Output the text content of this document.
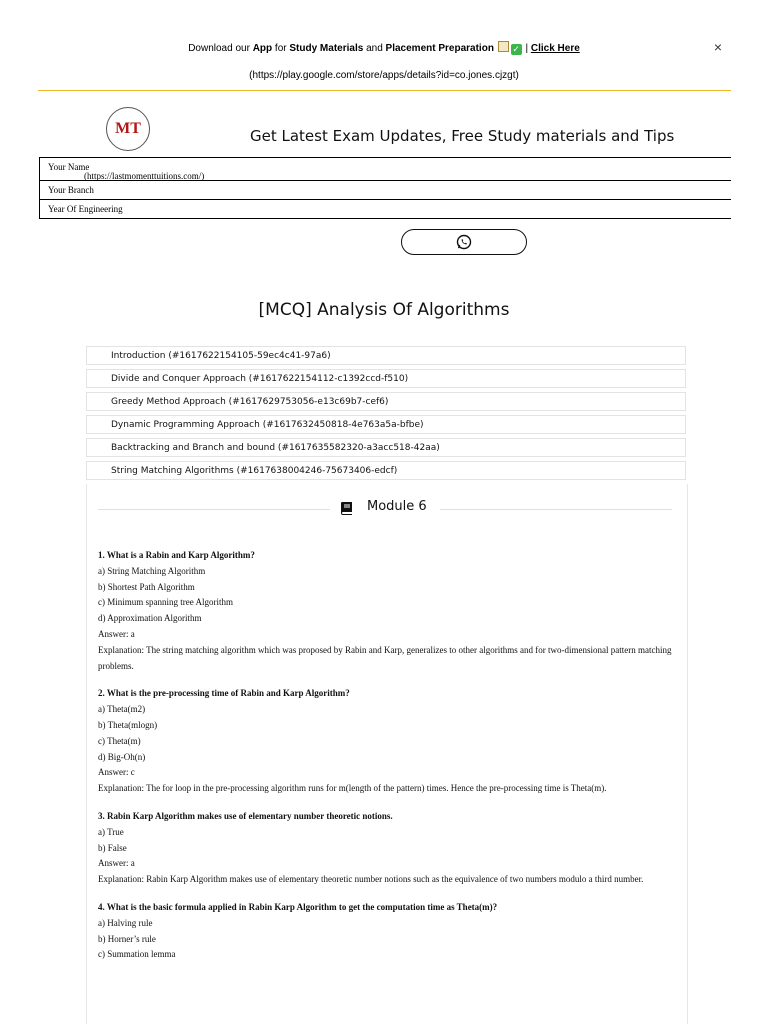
Download our App for Study Materials and Placement Preparation ✓ | Click Here
(https://play.google.com/store/apps/details?id=co.jones.cjzgt)
×
MT	Get Latest Exam Updates, Free Study materials and Tips
Your Name
Your Branch
Year Of Engineering
(https://lastmomenttuitions.com/)
[MCQ] Analysis Of Algorithms
Introduction (#1617622154105-59ec4c41-97a6)
Divide and Conquer Approach (#1617622154112-c1392ccd-f510)
Greedy Method Approach (#1617629753056-e13c69b7-cef6)
Dynamic Programming Approach (#1617632450818-4e763a5a-bfbe)
Backtracking and Branch and bound (#1617635582320-a3acc518-42aa)
String Matching Algorithms (#1617638004246-75673406-edcf)
Module 6
1. What is a Rabin and Karp Algorithm?
a) String Matching Algorithm
b) Shortest Path Algorithm
c) Minimum spanning tree Algorithm
d) Approximation Algorithm
Answer: a
Explanation: The string matching algorithm which was proposed by Rabin and Karp, generalizes to other algorithms and for two-dimensional pattern matching problems.
2. What is the pre-processing time of Rabin and Karp Algorithm?
a) Theta(m2)
b) Theta(mlogn)
c) Theta(m)
d) Big-Oh(n)
Answer: c
Explanation: The for loop in the pre-processing algorithm runs for m(length of the pattern) times. Hence the pre-processing time is Theta(m).
3. Rabin Karp Algorithm makes use of elementary number theoretic notions.
a) True
b) False
Answer: a
Explanation: Rabin Karp Algorithm makes use of elementary theoretic number notions such as the equivalence of two numbers modulo a third number.
4. What is the basic formula applied in Rabin Karp Algorithm to get the computation time as Theta(m)?
a) Halving rule
b) Horner’s rule
c) Summation lemma
